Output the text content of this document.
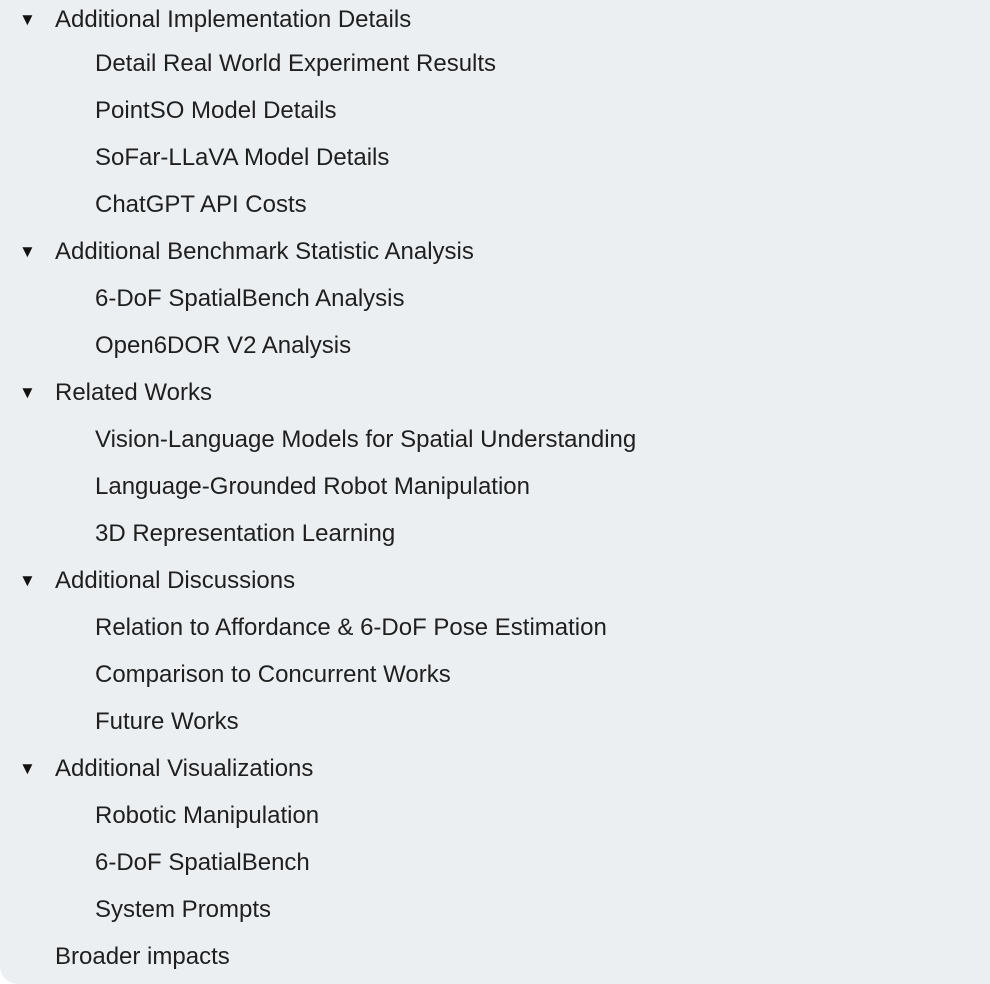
▼ Additional Implementation Details
Detail Real World Experiment Results
PointSO Model Details
SoFar-LLaVA Model Details
ChatGPT API Costs
▼ Additional Benchmark Statistic Analysis
6-DoF SpatialBench Analysis
Open6DOR V2 Analysis
▼ Related Works
Vision-Language Models for Spatial Understanding
Language-Grounded Robot Manipulation
3D Representation Learning
▼ Additional Discussions
Relation to Affordance & 6-DoF Pose Estimation
Comparison to Concurrent Works
Future Works
▼ Additional Visualizations
Robotic Manipulation
6-DoF SpatialBench
System Prompts
Broader impacts
